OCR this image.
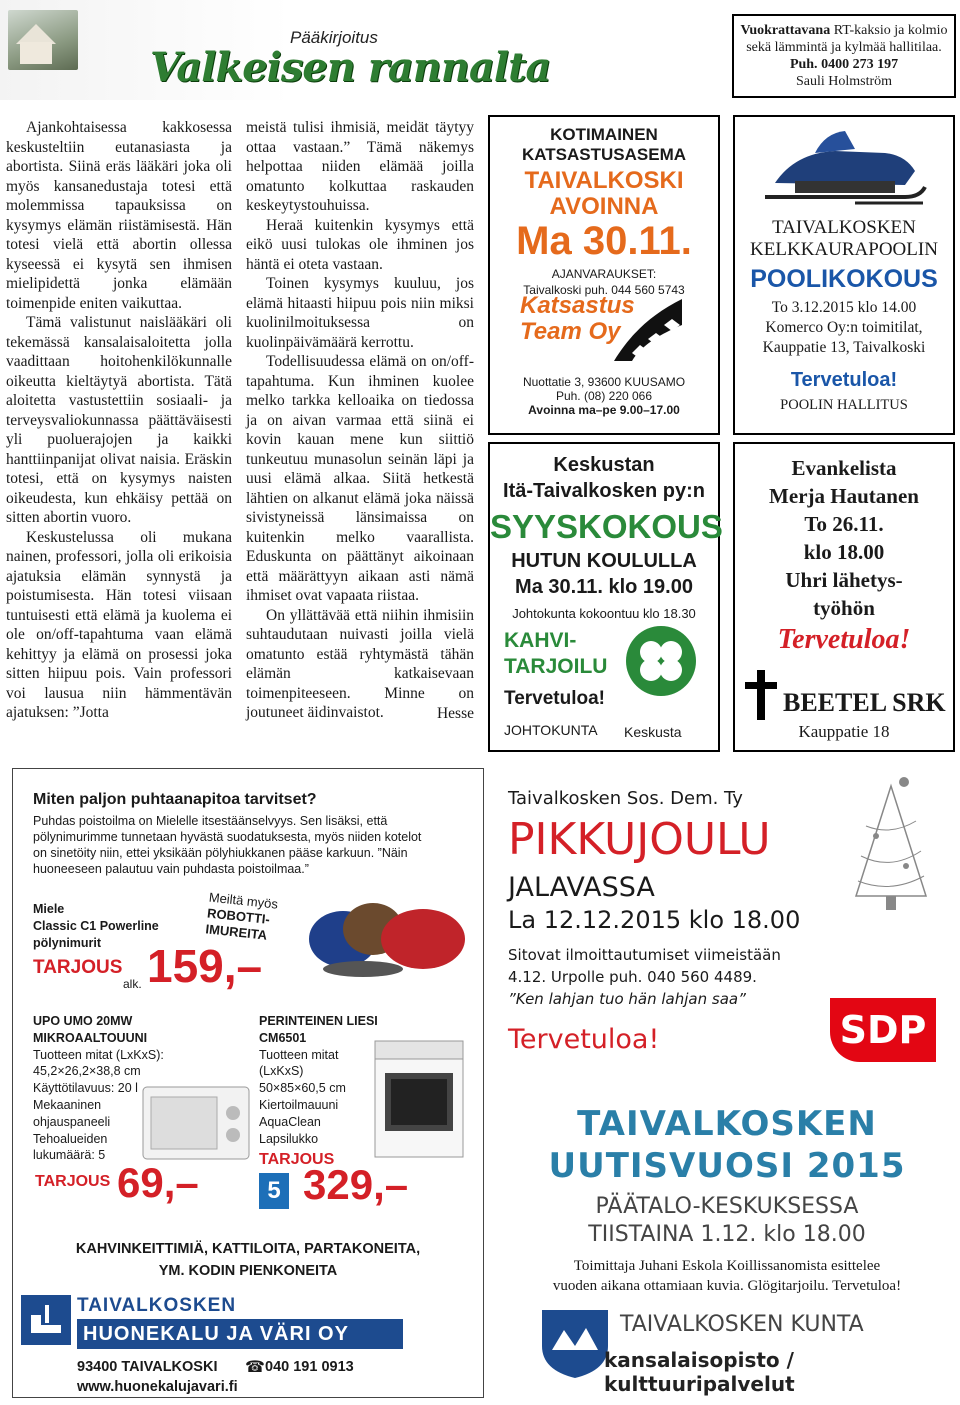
Pääkirjoitus
Valkeisen rannalta
Vuokrattavana RT-kaksio ja kolmio sekä lämmintä ja kylmää hallitilaa. Puh. 0400 273 197
Sauli Holmström

Ajankohtaisessa kakkosessa keskusteltiin eutanasiasta ja abortista. Siinä eräs lääkäri joka oli myös kansanedustaja totesi että molemmissa tapauksissa on kysymys elämän riistämisestä. Hän totesi vielä että abortin ollessa kyseessä ei kysytä sen ihmisen mielipidettä jonka elämään toimenpide eniten vaikuttaa.

Tämä valistunut naislääkäri oli tekemässä kansalaisaloitetta jolla vaadittaan hoitohenkilökunnalle oikeutta kieltäytyä abortista. Tätä aloitetta vastustettiin sosiaali- ja terveysvaliokunnassa päättäväisesti yli puoluerajojen ja kaikki hanttiinpanijat olivat naisia. Eräskin totesi, että on kysymys naisten oikeudesta, kun ehkäisy pettää on sitten abortin vuoro.

Keskustelussa oli mukana nainen, professori, jolla oli erikoisia ajatuksia elämän synnystä ja poistumisesta. Hän totesi viisaan tuntuisesti että elämä ja kuolema ei ole on/off-tapahtuma vaan elämä kehittyy ja elämä on prosessi joka sitten hiipuu pois. Vain professori voi lausua niin hämmentävän ajatuksen: ”Jotta

meistä tulisi ihmisiä, meidät täytyy ottaa vastaan.” Tämä näkemys helpottaa niiden elämää joilla omatunto kolkuttaa raskauden keskeytystouhuissa.

Heraä kuitenkin kysymys että eikö uusi tulokas ole ihminen jos häntä ei oteta vastaan.

Toinen kysymys kuuluu, jos elämä hitaasti hiipuu pois niin miksi kuolinilmoituksessa on kuolinpäivämäärä kerrottu.

Todellisuudessa elämä on on/off-tapahtuma. Kun ihminen kuolee melko tarkka kelloaika on tiedossa ja on aivan varmaa että siinä ei kovin kauan mene kun siittiö tunkeutuu munasolun seinän läpi ja uusi elämä alkaa. Siitä hetkestä lähtien on alkanut elämä joka näissä sivistyneissä länsimaissa on kuitenkin melko vaarallista. Eduskunta on päättänyt aikoinaan että määrättyyn aikaan asti nämä ihmiset ovat vapaata riistaa.

On yllättävää että niihin ihmisiin suhtaudutaan nuivasti joilla vielä omatunto estää ryhtymästä tähän elämän katkaisevaan toimenpiteeseen. Minne on joutuneet äidinvaistot.	Hesse
KOTIMAINEN
KATSASTUSASEMA
TAIVALKOSKI
AVOINNA
Ma 30.11.
AJANVARAUKSET:
Taivalkoski puh. 044 560 5743
Katsastus
Team Oy
Nuottatie 3, 93600 KUUSAMO
Puh. (08) 220 066
Avoinna ma–pe 9.00–17.00
TAIVALKOSKEN
KELKKAURAPOOLIN
POOLIKOKOUS
To 3.12.2015 klo 14.00
Komerco Oy:n toimitilat,
Kauppatie 13, Taivalkoski
Tervetuloa!
POOLIN HALLITUS
Keskustan
Itä-Taivalkosken py:n
SYYSKOKOUS
HUTUN KOULULLA
Ma 30.11. klo 19.00
Johtokunta kokoontuu klo 18.30
KAHVI-
TARJOILU
Tervetuloa!
JOHTOKUNTA Keskusta
Evankelista
Merja Hautanen
To 26.11.
klo 18.00
Uhri lähetys-
työhön
Tervetuloa!
BEETEL SRK
Kauppatie 18
Miten paljon puhtaanapitoa tarvitset?
Puhdas poistoilma on Mielelle itsestäänselvyys. Sen lisäksi, että pölynimurimme tunnetaan hyvästä suodatuksesta, myös niiden kotelot on sinetöity niin, ettei yksikään pölyhiukkanen pääse karkuun. ”Näin huoneeseen palautuu vain puhdasta poistoilmaa.”
Miele
Classic C1 Powerline
pölynimurit
Meiltä myös
ROBOTTI-
IMUREITA
TARJOUS
alk. 159,–
UPO UMO 20MW
MIKROAALTOUUNI
Tuotteen mitat (LxKxS):
45,2×26,2×38,8 cm
Käyttötilavuus: 20 l
Mekaaninen
ohjauspaneeli
Tehoalueiden
lukumäärä: 5
TARJOUS 69,–
PERINTEINEN LIESI
CM6501
Tuotteen mitat
(LxKxS)
50×85×60,5 cm
Kiertoilmauuni
AquaClean
Lapsilukko
TARJOUS
5 329,–
KAHVINKEITTIMIÄ, KATTILOITA, PARTAKONEITA,
YM. KODIN PIENKONEITA
TAIVALKOSKEN
HUONEKALU JA VÄRI OY
93400 TAIVALKOSKI ☎ 040 191 0913
www.huonekalujavari.fi
Taivalkosken Sos. Dem. Ty
PIKKUJOULU
JALAVASSA
La 12.12.2015 klo 18.00
Sitovat ilmoittautumiset viimeistään
4.12. Urpolle puh. 040 560 4489.
”Ken lahjan tuo hän lahjan saa”
Tervetuloa!	SDP
TAIVALKOSKEN
UUTISVUOSI 2015
PÄÄTALO-KESKUKSESSA
TIISTAINA 1.12. klo 18.00
Toimittaja Juhani Eskola Koillissanomista esittelee
vuoden aikana ottamiaan kuvia. Glögitarjoilu. Tervetuloa!
TAIVALKOSKEN KUNTA
kansalaisopisto / kulttuuripalvelut
